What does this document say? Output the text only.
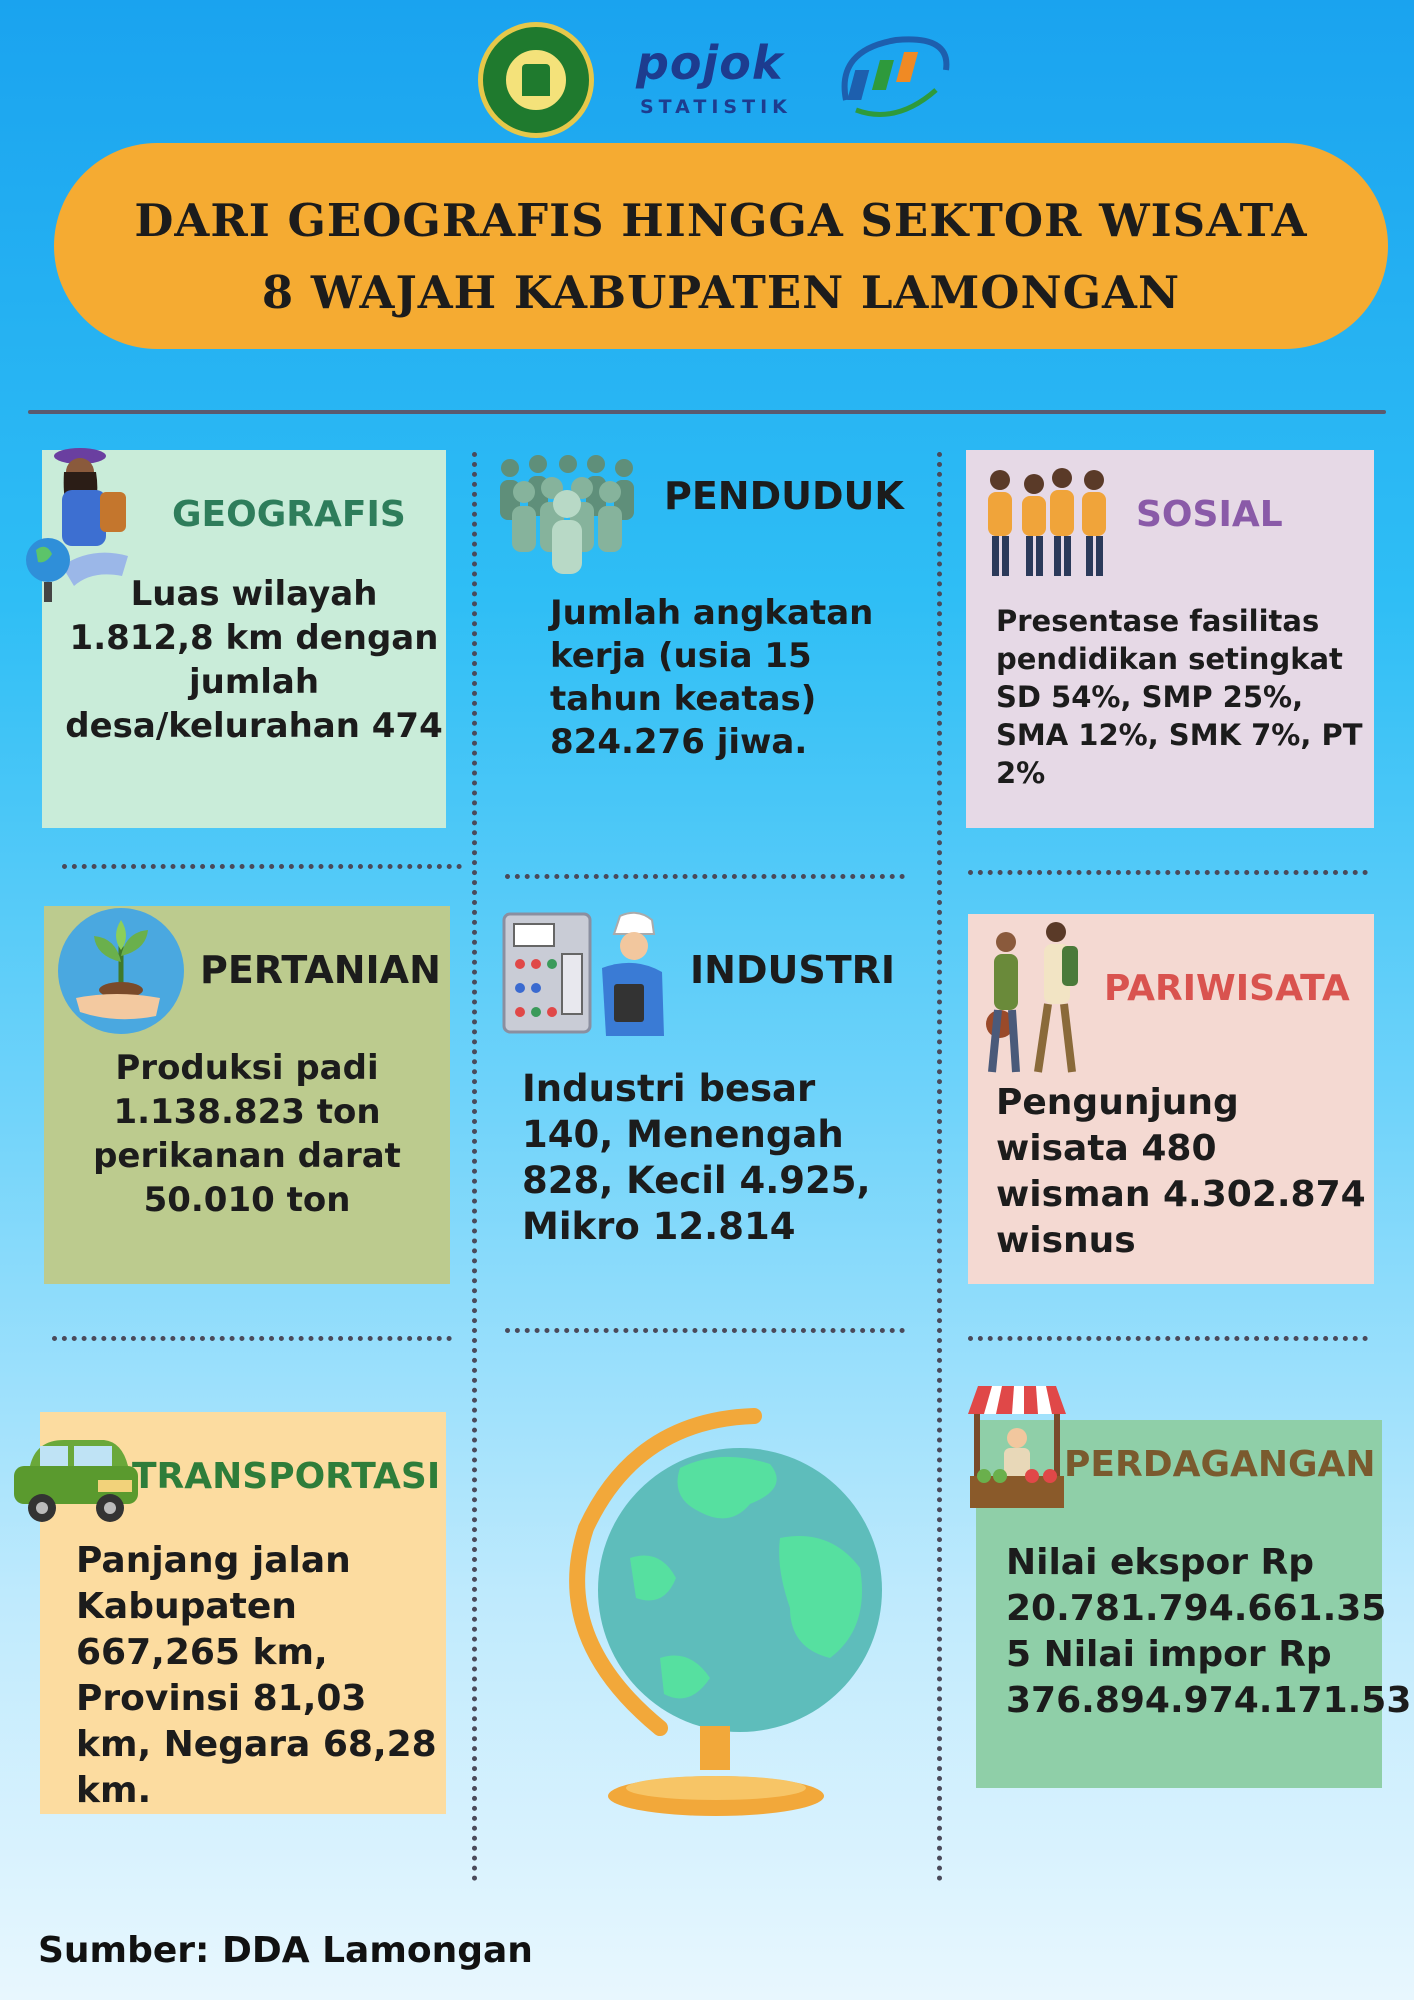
pojok
STATISTIK
DARI GEOGRAFIS HINGGA SEKTOR WISATA
8 WAJAH KABUPATEN LAMONGAN
GEOGRAFIS
Luas wilayah 1.812,8 km dengan jumlah desa/kelurahan 474
PENDUDUK
Jumlah angkatan kerja (usia 15 tahun keatas) 824.276 jiwa.
SOSIAL
Presentase fasilitas pendidikan setingkat SD 54%, SMP 25%, SMA 12%, SMK 7%, PT 2%
PERTANIAN
Produksi padi 1.138.823 ton perikanan darat 50.010 ton
INDUSTRI
Industri besar 140, Menengah 828, Kecil 4.925, Mikro 12.814
PARIWISATA
Pengunjung wisata 480 wisman 4.302.874 wisnus
TRANSPORTASI
Panjang jalan Kabupaten 667,265 km, Provinsi 81,03 km, Negara 68,28 km.
PERDAGANGAN
Nilai ekspor Rp 20.781.794.661.35 5 Nilai impor Rp 376.894.974.171.53
Sumber: DDA Lamongan
